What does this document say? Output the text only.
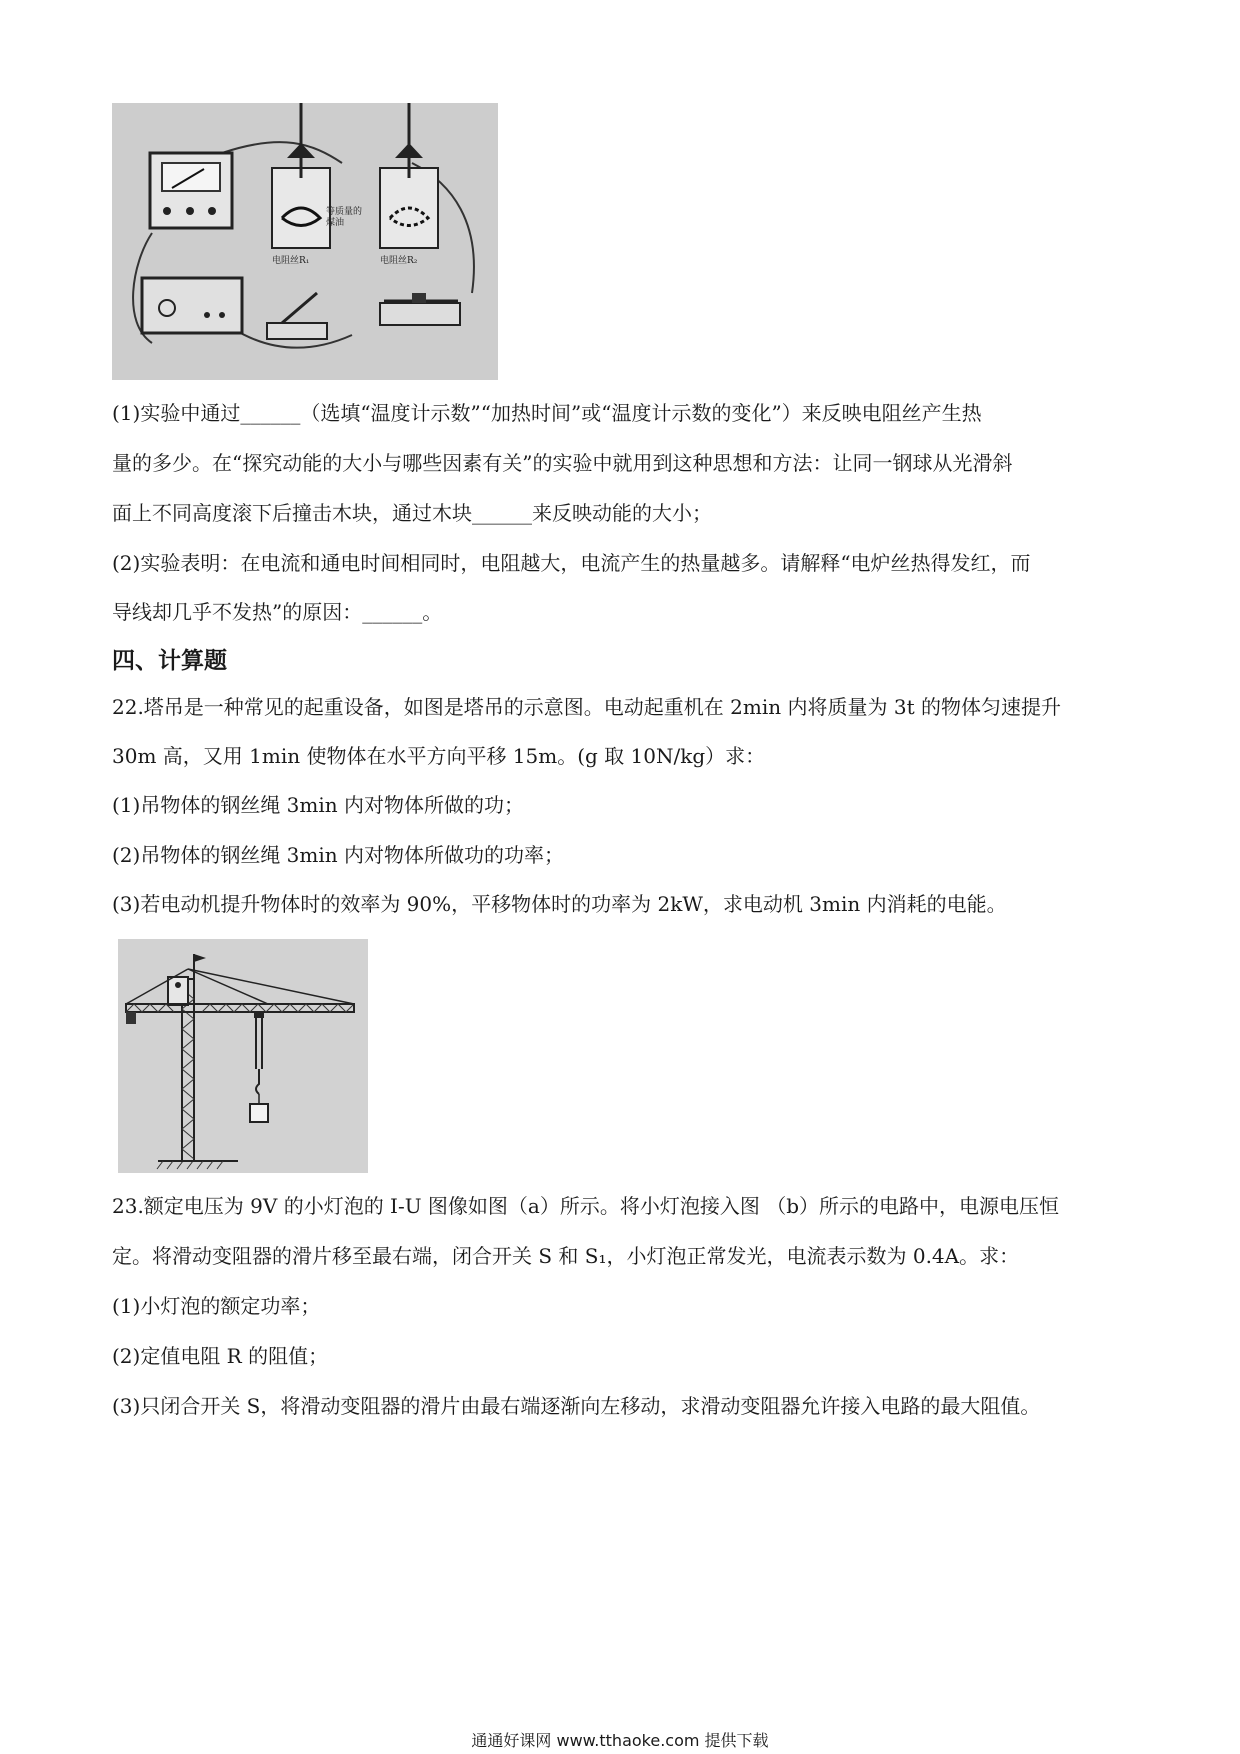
等质量的煤油
电阻丝R₁	电阻丝R₂
(1)实验中通过______（选填“温度计示数”“加热时间”或“温度计示数的变化”）来反映电阻丝产生热
量的多少。在“探究动能的大小与哪些因素有关”的实验中就用到这种思想和方法：让同一钢球从光滑斜
面上不同高度滚下后撞击木块，通过木块______来反映动能的大小；
(2)实验表明：在电流和通电时间相同时，电阻越大，电流产生的热量越多。请解释“电炉丝热得发红，而
导线却几乎不发热”的原因：______。
四、计算题
22.塔吊是一种常见的起重设备，如图是塔吊的示意图。电动起重机在 2min 内将质量为 3t 的物体匀速提升
30m 高，又用 1min 使物体在水平方向平移 15m。(g 取 10N/kg）求：
(1)吊物体的钢丝绳 3min 内对物体所做的功；
(2)吊物体的钢丝绳 3min 内对物体所做功的功率；
(3)若电动机提升物体时的效率为 90%，平移物体时的功率为 2kW，求电动机 3min 内消耗的电能。
23.额定电压为 9V 的小灯泡的 I-U 图像如图（a）所示。将小灯泡接入图 （b）所示的电路中，电源电压恒
定。将滑动变阻器的滑片移至最右端，闭合开关 S 和 S₁，小灯泡正常发光，电流表示数为 0.4A。求：
(1)小灯泡的额定功率；
(2)定值电阻 R 的阻值；
(3)只闭合开关 S，将滑动变阻器的滑片由最右端逐渐向左移动，求滑动变阻器允许接入电路的最大阻值。
通通好课网 www.tthaoke.com 提供下载
